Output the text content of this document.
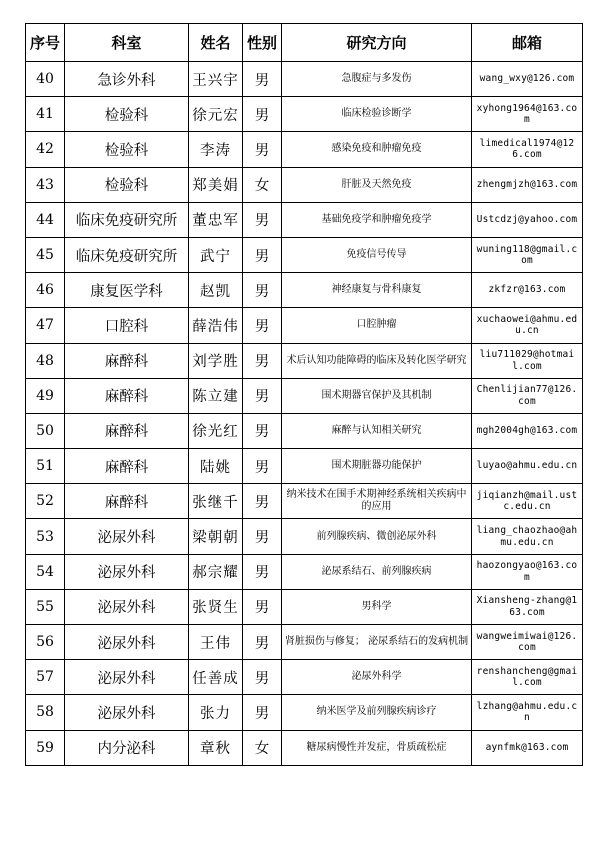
序号	科室	姓名	性别	研究方向	邮箱
40	急诊外科	王兴宇	男	急腹症与多发伤	wang_wxy@126.com
41	检验科	徐元宏	男	临床检验诊断学	xyhong1964@163.com
42	检验科	李涛	男	感染免疫和肿瘤免疫	limedical1974@126.com
43	检验科	郑美娟	女	肝脏及天然免疫	zhengmjzh@163.com
44	临床免疫研究所	董忠军	男	基础免疫学和肿瘤免疫学	Ustcdzj@yahoo.com
45	临床免疫研究所	武宁	男	免疫信号传导	wuning118@gmail.com
46	康复医学科	赵凯	男	神经康复与骨科康复	zkfzr@163.com
47	口腔科	薛浩伟	男	口腔肿瘤	xuchaowei@ahmu.edu.cn
48	麻醉科	刘学胜	男	术后认知功能障碍的临床及转化医学研究	liu711029@hotmail.com
49	麻醉科	陈立建	男	围术期器官保护及其机制	Chenlijian77@126.com
50	麻醉科	徐光红	男	麻醉与认知相关研究	mgh2004gh@163.com
51	麻醉科	陆姚	男	围术期脏器功能保护	luyao@ahmu.edu.cn
52	麻醉科	张继千	男	纳米技术在围手术期神经系统相关疾病中的应用	jiqianzh@mail.ustc.edu.cn
53	泌尿外科	梁朝朝	男	前列腺疾病、微创泌尿外科	liang_chaozhao@ahmu.edu.cn
54	泌尿外科	郝宗耀	男	泌尿系结石、前列腺疾病	haozongyao@163.com
55	泌尿外科	张贤生	男	男科学	Xiansheng-zhang@163.com
56	泌尿外科	王伟	男	肾脏损伤与修复； 泌尿系结石的发病机制	wangweimiwai@126.com
57	泌尿外科	任善成	男	泌尿外科学	renshancheng@gmail.com
58	泌尿外科	张力	男	纳米医学及前列腺疾病诊疗	lzhang@ahmu.edu.cn
59	内分泌科	章秋	女	糖尿病慢性并发症，骨质疏松症	aynfmk@163.com
